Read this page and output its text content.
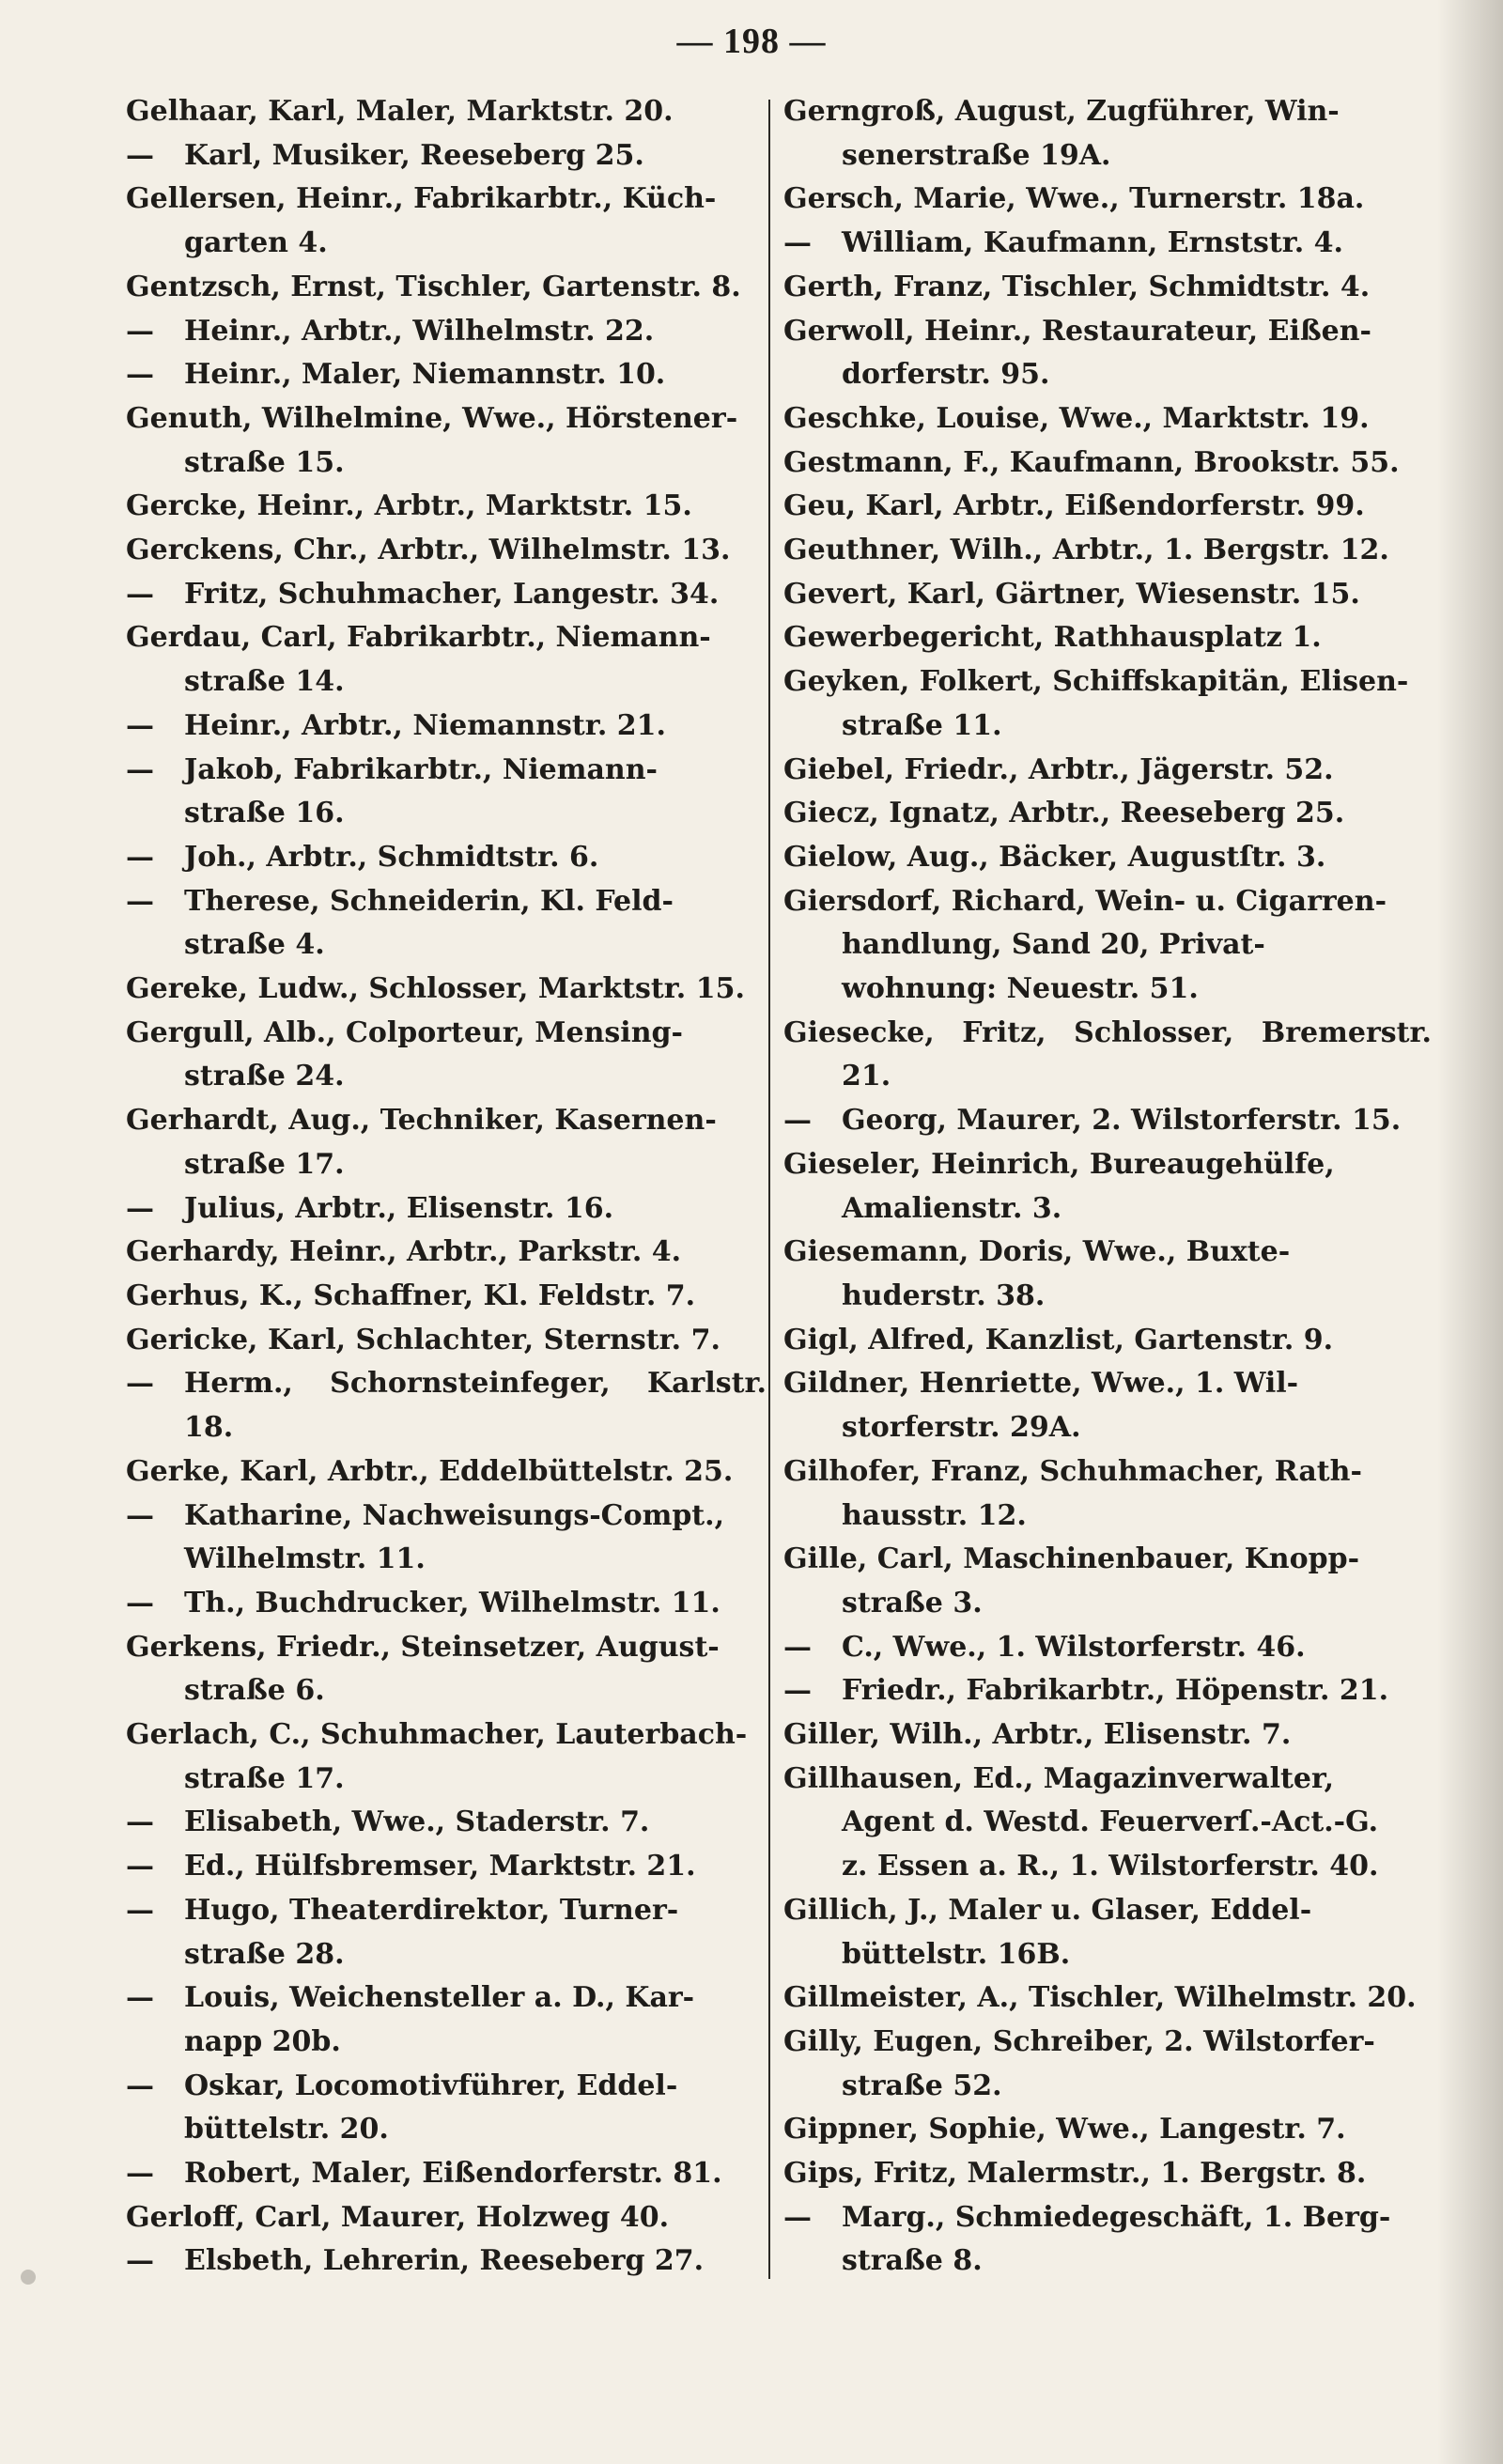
— 198 —
Gelhaar, Karl, Maler, Marktstr. 20.
— Karl, Musiker, Reeseberg 25.
Gellersen, Heinr., Fabrikarbtr., Küch-
garten 4.
Gentzsch, Ernst, Tischler, Gartenstr. 8.
— Heinr., Arbtr., Wilhelmstr. 22.
— Heinr., Maler, Niemannstr. 10.
Genuth, Wilhelmine, Wwe., Hörstener-
straße 15.
Gercke, Heinr., Arbtr., Marktstr. 15.
Gerckens, Chr., Arbtr., Wilhelmstr. 13.
— Fritz, Schuhmacher, Langestr. 34.
Gerdau, Carl, Fabrikarbtr., Niemann-
straße 14.
— Heinr., Arbtr., Niemannstr. 21.
— Jakob, Fabrikarbtr., Niemann-
straße 16.
— Joh., Arbtr., Schmidtstr. 6.
— Therese, Schneiderin, Kl. Feld-
straße 4.
Gereke, Ludw., Schlosser, Marktstr. 15.
Gergull, Alb., Colporteur, Mensing-
straße 24.
Gerhardt, Aug., Techniker, Kasernen-
straße 17.
— Julius, Arbtr., Elisenstr. 16.
Gerhardy, Heinr., Arbtr., Parkstr. 4.
Gerhus, K., Schaffner, Kl. Feldstr. 7.
Gericke, Karl, Schlachter, Sternstr. 7.
— Herm., Schornsteinfeger, Karlstr. 18.
Gerke, Karl, Arbtr., Eddelbüttelstr. 25.
— Katharine, Nachweisungs-Compt.,
Wilhelmstr. 11.
— Th., Buchdrucker, Wilhelmstr. 11.
Gerkens, Friedr., Steinsetzer, August-
straße 6.
Gerlach, C., Schuhmacher, Lauterbach-
straße 17.
— Elisabeth, Wwe., Staderstr. 7.
— Ed., Hülfsbremser, Marktstr. 21.
— Hugo, Theaterdirektor, Turner-
straße 28.
— Louis, Weichensteller a. D., Kar-
napp 20b.
— Oskar, Locomotivführer, Eddel-
büttelstr. 20.
— Robert, Maler, Eißendorferstr. 81.
Gerloff, Carl, Maurer, Holzweg 40.
— Elsbeth, Lehrerin, Reeseberg 27.
Gerngroß, August, Zugführer, Win-
senerstraße 19A.
Gersch, Marie, Wwe., Turnerstr. 18a.
— William, Kaufmann, Ernststr. 4.
Gerth, Franz, Tischler, Schmidtstr. 4.
Gerwoll, Heinr., Restaurateur, Eißen-
dorferstr. 95.
Geschke, Louise, Wwe., Marktstr. 19.
Gestmann, F., Kaufmann, Brookstr. 55.
Geu, Karl, Arbtr., Eißendorferstr. 99.
Geuthner, Wilh., Arbtr., 1. Bergstr. 12.
Gevert, Karl, Gärtner, Wiesenstr. 15.
Gewerbegericht, Rathhausplatz 1.
Geyken, Folkert, Schiffskapitän, Elisen-
straße 11.
Giebel, Friedr., Arbtr., Jägerstr. 52.
Giecz, Ignatz, Arbtr., Reeseberg 25.
Gielow, Aug., Bäcker, Augustſtr. 3.
Giersdorf, Richard, Wein- u. Cigarren-
handlung, Sand 20, Privat-
wohnung: Neuestr. 51.
Giesecke, Fritz, Schlosser, Bremerstr. 21.
— Georg, Maurer, 2. Wilstorferstr. 15.
Gieseler, Heinrich, Bureaugehülfe,
Amalienstr. 3.
Giesemann, Doris, Wwe., Buxte-
huderstr. 38.
Gigl, Alfred, Kanzlist, Gartenstr. 9.
Gildner, Henriette, Wwe., 1. Wil-
storferstr. 29A.
Gilhofer, Franz, Schuhmacher, Rath-
hausstr. 12.
Gille, Carl, Maschinenbauer, Knopp-
straße 3.
— C., Wwe., 1. Wilstorferstr. 46.
— Friedr., Fabrikarbtr., Höpenstr. 21.
Giller, Wilh., Arbtr., Elisenstr. 7.
Gillhausen, Ed., Magazinverwalter,
Agent d. Westd. Feuerverſ.-Act.-G.
z. Essen a. R., 1. Wilstorferstr. 40.
Gillich, J., Maler u. Glaser, Eddel-
büttelstr. 16B.
Gillmeister, A., Tischler, Wilhelmstr. 20.
Gilly, Eugen, Schreiber, 2. Wilstorfer-
straße 52.
Gippner, Sophie, Wwe., Langestr. 7.
Gips, Fritz, Malermstr., 1. Bergstr. 8.
— Marg., Schmiedegeschäft, 1. Berg-
straße 8.
